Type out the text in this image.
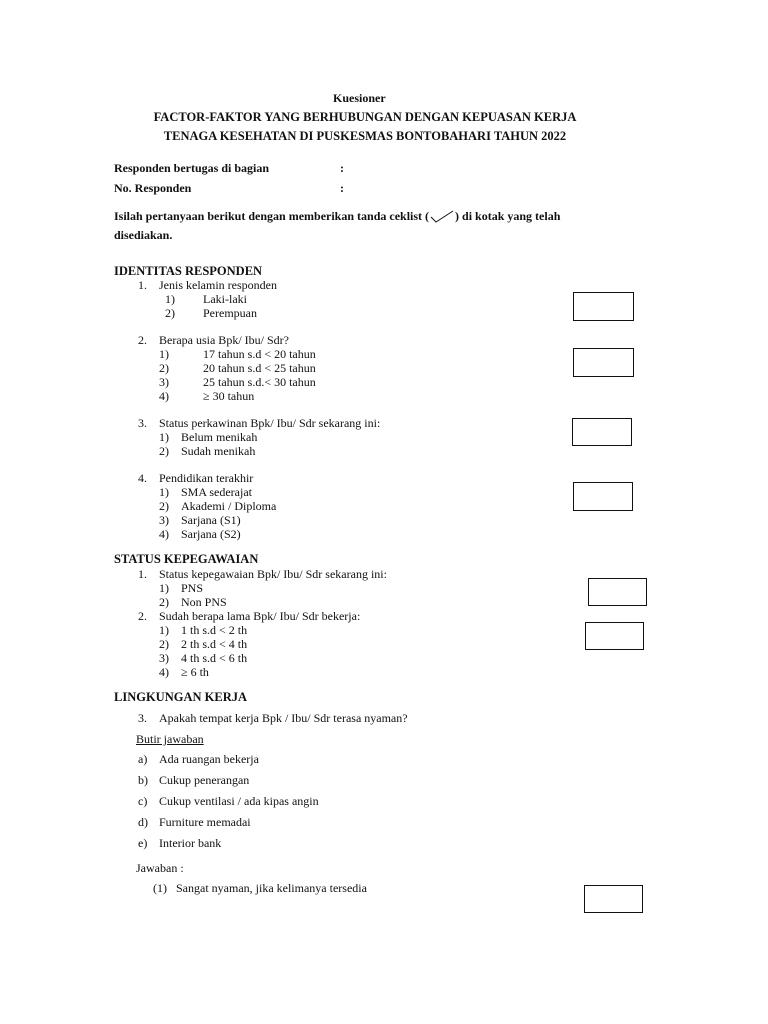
Kuesioner
FACTOR-FAKTOR YANG BERHUBUNGAN DENGAN KEPUASAN KERJA
TENAGA KESEHATAN DI PUSKESMAS BONTOBAHARI TAHUN 2022
Responden bertugas di bagian	:
No. Responden	:
Isilah pertanyaan berikut dengan memberikan tanda ceklist ( ) di kotak yang telah
disediakan.
IDENTITAS RESPONDEN
1. Jenis kelamin responden
1) Laki-laki
2) Perempuan
2. Berapa usia Bpk/ Ibu/ Sdr?
1)	17 tahun s.d < 20 tahun
2)	20 tahun s.d < 25 tahun
3)	25 tahun s.d.< 30 tahun
4)	≥ 30 tahun
3. Status perkawinan Bpk/ Ibu/ Sdr sekarang ini:
1) Belum menikah
2) Sudah menikah
4. Pendidikan terakhir
1) SMA sederajat
2) Akademi / Diploma
3) Sarjana (S1)
4) Sarjana (S2)
STATUS KEPEGAWAIAN
1. Status kepegawaian Bpk/ Ibu/ Sdr sekarang ini:
1) PNS
2) Non PNS
2. Sudah berapa lama Bpk/ Ibu/ Sdr bekerja:
1) 1 th s.d < 2 th
2) 2 th s.d < 4 th
3) 4 th s.d < 6 th
4) ≥ 6 th
LINGKUNGAN KERJA
3. Apakah tempat kerja Bpk / Ibu/ Sdr terasa nyaman?
Butir jawaban
a) Ada ruangan bekerja
b) Cukup penerangan
c) Cukup ventilasi / ada kipas angin
d) Furniture memadai
e) Interior bank
Jawaban :
(1) Sangat nyaman, jika kelimanya tersedia
